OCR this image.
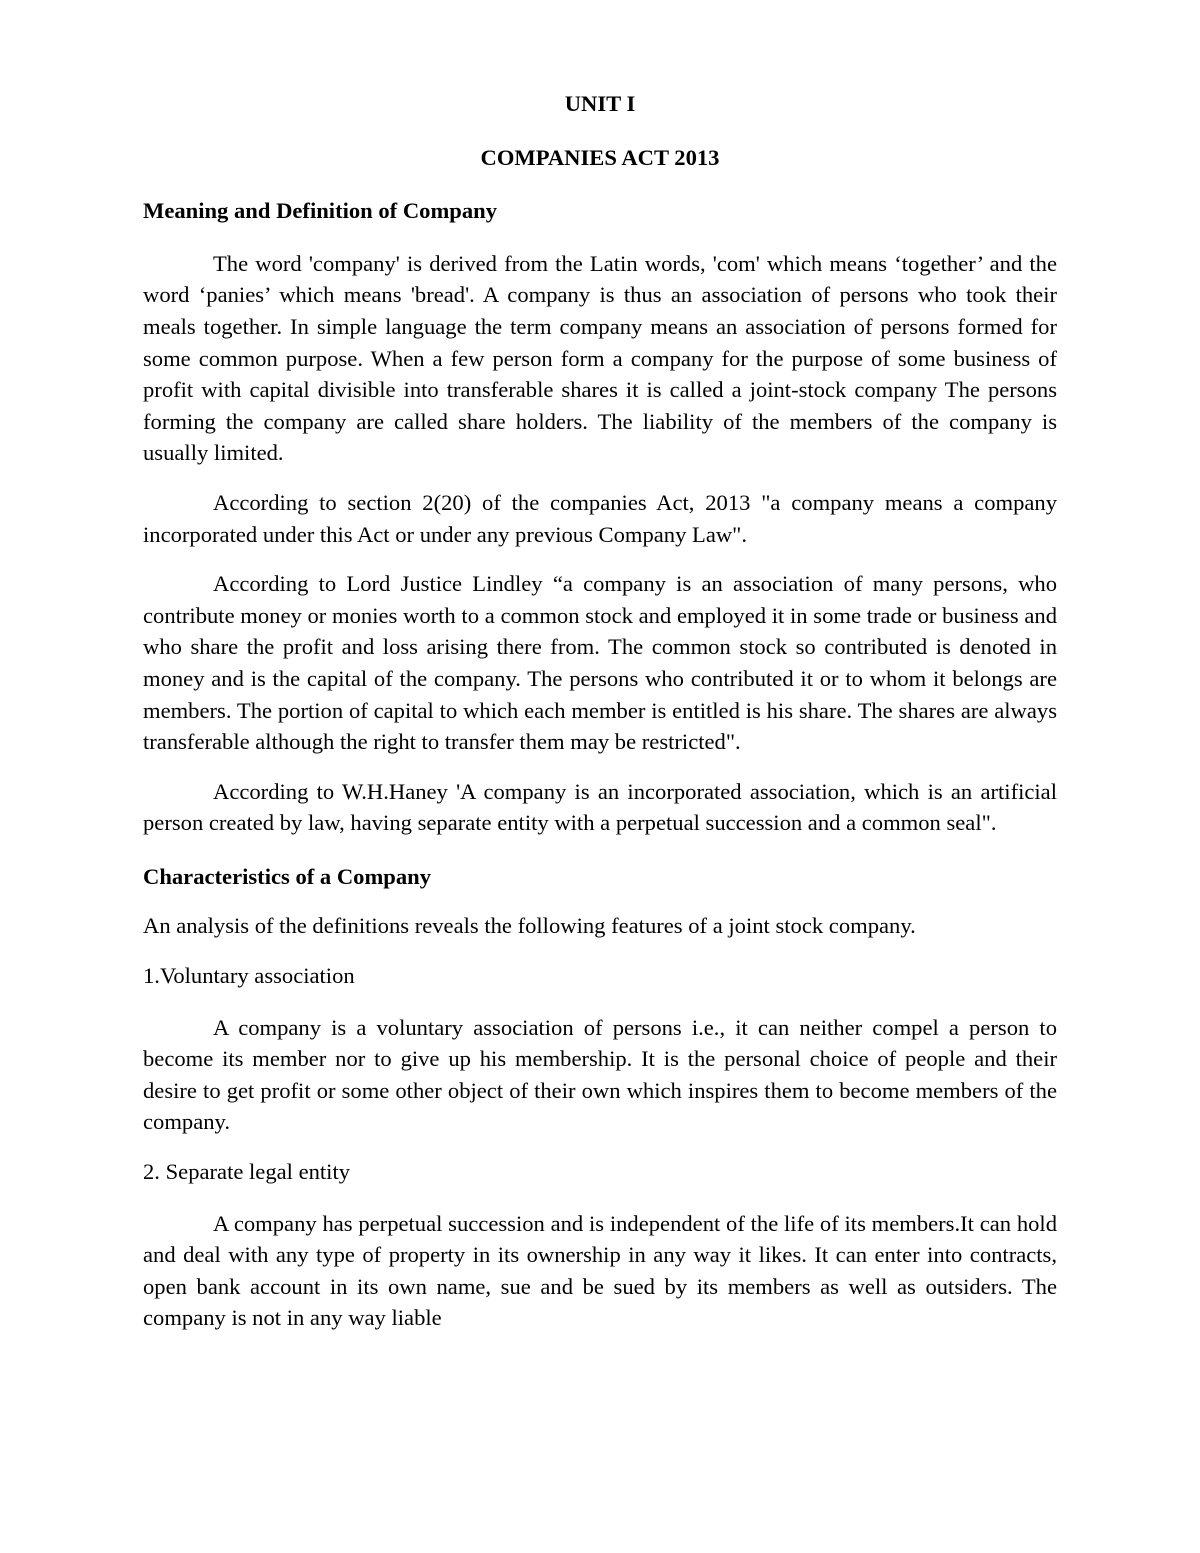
UNIT I

COMPANIES ACT 2013

Meaning and Definition of Company

The word 'company' is derived from the Latin words, 'com' which means ‘together’ and the word ‘panies’ which means 'bread'. A company is thus an association of persons who took their meals together. In simple language the term company means an association of persons formed for some common purpose. When a few person form a company for the purpose of some business of profit with capital divisible into transferable shares it is called a joint-stock company The persons forming the company are called share holders. The liability of the members of the company is usually limited.

According to section 2(20) of the companies Act, 2013 "a company means a company incorporated under this Act or under any previous Company Law".

According to Lord Justice Lindley “a company is an association of many persons, who contribute money or monies worth to a common stock and employed it in some trade or business and who share the profit and loss arising there from. The common stock so contributed is denoted in money and is the capital of the company. The persons who contributed it or to whom it belongs are members. The portion of capital to which each member is entitled is his share. The shares are always transferable although the right to transfer them may be restricted".

According to W.H.Haney 'A company is an incorporated association, which is an artificial person created by law, having separate entity with a perpetual succession and a common seal".

Characteristics of a Company

An analysis of the definitions reveals the following features of a joint stock company.

1.Voluntary association

A company is a voluntary association of persons i.e., it can neither compel a person to become its member nor to give up his membership. It is the personal choice of people and their desire to get profit or some other object of their own which inspires them to become members of the company.

2. Separate legal entity

A company has perpetual succession and is independent of the life of its members.It can hold and deal with any type of property in its ownership in any way it likes. It can enter into contracts, open bank account in its own name, sue and be sued by its members as well as outsiders. The company is not in any way liable
